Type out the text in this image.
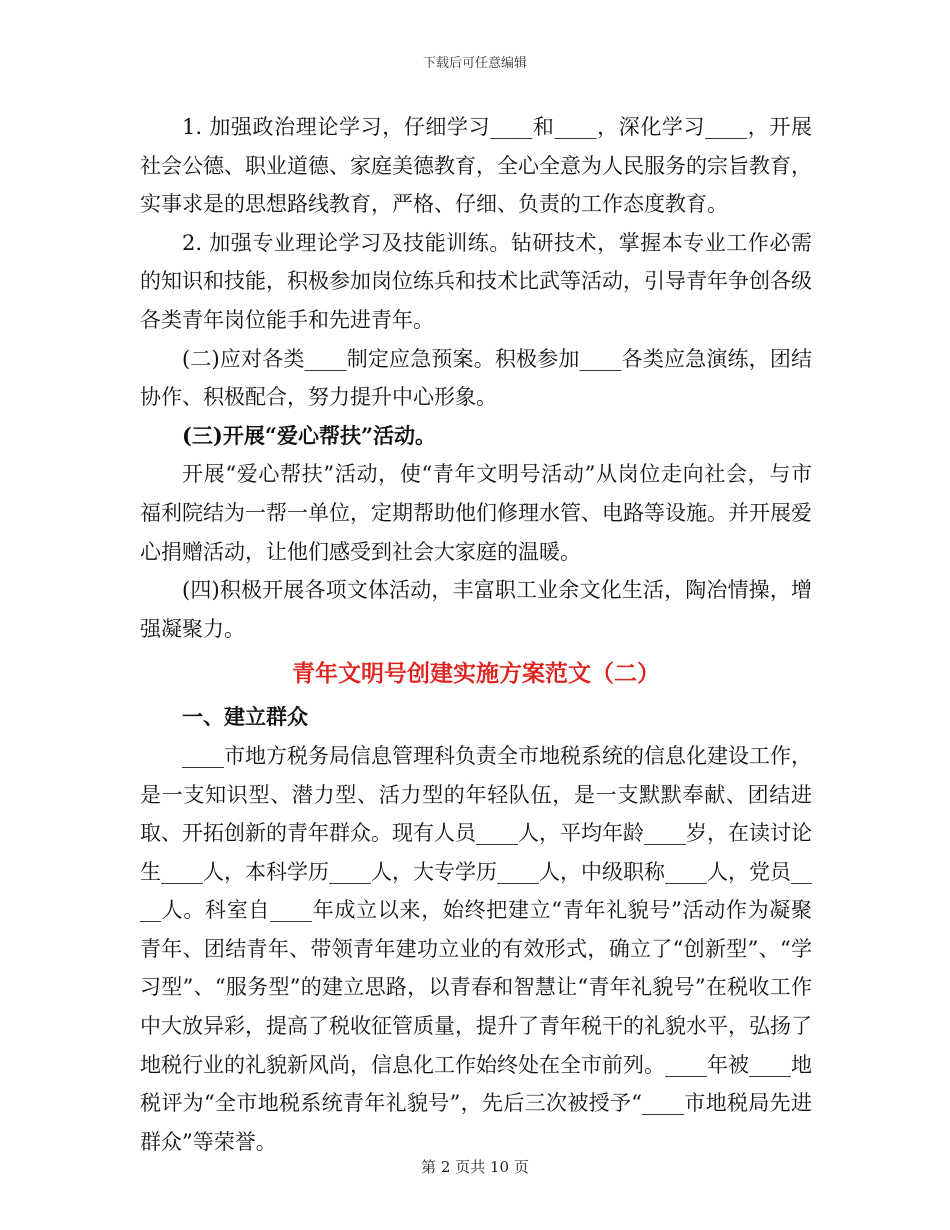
下载后可任意编辑

1. 加强政治理论学习，仔细学习____和____，深化学习____，开展社会公德、职业道德、家庭美德教育，全心全意为人民服务的宗旨教育，实事求是的思想路线教育，严格、仔细、负责的工作态度教育。

2. 加强专业理论学习及技能训练。钻研技术，掌握本专业工作必需的知识和技能，积极参加岗位练兵和技术比武等活动，引导青年争创各级各类青年岗位能手和先进青年。

(二)应对各类____制定应急预案。积极参加____各类应急演练，团结协作、积极配合，努力提升中心形象。

(三)开展“爱心帮扶”活动。

开展“爱心帮扶”活动，使“青年文明号活动”从岗位走向社会，与市福利院结为一帮一单位，定期帮助他们修理水管、电路等设施。并开展爱心捐赠活动，让他们感受到社会大家庭的温暖。

(四)积极开展各项文体活动，丰富职工业余文化生活，陶冶情操，增强凝聚力。

青年文明号创建实施方案范文（二）

一、建立群众

____市地方税务局信息管理科负责全市地税系统的信息化建设工作，是一支知识型、潜力型、活力型的年轻队伍，是一支默默奉献、团结进取、开拓创新的青年群众。现有人员____人，平均年龄____岁，在读讨论生____人，本科学历____人，大专学历____人，中级职称____人，党员____人。科室自____年成立以来，始终把建立“青年礼貌号”活动作为凝聚青年、团结青年、带领青年建功立业的有效形式，确立了“创新型”、“学习型”、“服务型”的建立思路，以青春和智慧让“青年礼貌号”在税收工作中大放异彩，提高了税收征管质量，提升了青年税干的礼貌水平，弘扬了地税行业的礼貌新风尚，信息化工作始终处在全市前列。____年被____地税评为“全市地税系统青年礼貌号”，先后三次被授予“____市地税局先进群众”等荣誉。

第 2 页共 10 页
